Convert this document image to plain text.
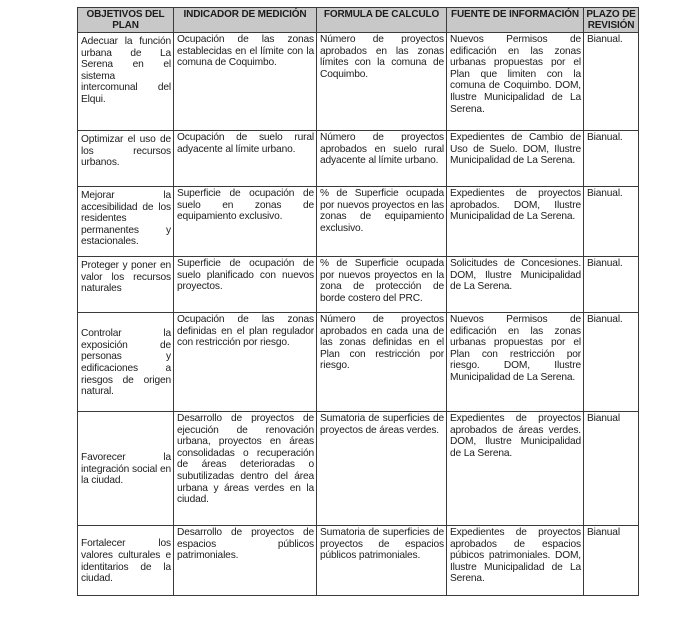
OBJETIVOS DEL PLAN	INDICADOR DE MEDICIÓN	FORMULA DE CALCULO	FUENTE DE INFORMACIÓN	PLAZO DE REVISIÓN
Adecuar la función urbana de La Serena en el sistema intercomunal del Elqui.	Ocupación de las zonas establecidas en el límite con la comuna de Coquimbo.	Número de proyectos aprobados en las zonas límites con la comuna de Coquimbo.	Nuevos Permisos de edificación en las zonas urbanas propuestas por el Plan que limiten con la comuna de Coquimbo. DOM, Ilustre Municipalidad de La Serena.	Bianual.
Optimizar el uso de los recursos urbanos.	Ocupación de suelo rural adyacente al límite urbano.	Número de proyectos aprobados en suelo rural adyacente al límite urbano.	Expedientes de Cambio de Uso de Suelo. DOM, Ilustre Municipalidad de La Serena.	Bianual.
Mejorar la accesibilidad de los residentes permanentes y estacionales.	Superficie de ocupación de suelo en zonas de equipamiento exclusivo.	% de Superficie ocupada por nuevos proyectos en las zonas de equipamiento exclusivo.	Expedientes de proyectos aprobados. DOM, Ilustre Municipalidad de La Serena.	Bianual.
Proteger y poner en valor los recursos naturales	Superficie de ocupación de suelo planificado con nuevos proyectos.	% de Superficie ocupada por nuevos proyectos en la zona de protección de borde costero del PRC.	Solicitudes de Concesiones. DOM, Ilustre Municipalidad de La Serena.	Bianual.
Controlar la exposición de personas y edificaciones a riesgos de origen natural.	Ocupación de las zonas definidas en el plan regulador con restricción por riesgo.	Número de proyectos aprobados en cada una de las zonas definidas en el Plan con restricción por riesgo.	Nuevos Permisos de edificación en las zonas urbanas propuestas por el Plan con restricción por riesgo. DOM, Ilustre Municipalidad de La Serena.	Bianual.
Favorecer la integración social en la ciudad.	Desarrollo de proyectos de ejecución de renovación urbana, proyectos en áreas consolidadas o recuperación de áreas deterioradas o subutilizadas dentro del área urbana y áreas verdes en la ciudad.	Sumatoria de superficies de proyectos de áreas verdes.	Expedientes de proyectos aprobados de áreas verdes. DOM, Ilustre Municipalidad de La Serena.	Bianual
Fortalecer los valores culturales e identitarios de la ciudad.	Desarrollo de proyectos de espacios públicos patrimoniales.	Sumatoria de superficies de proyectos de espacios públicos patrimoniales.	Expedientes de proyectos aprobados de espacios púbicos patrimoniales. DOM, Ilustre Municipalidad de La Serena.	Bianual
